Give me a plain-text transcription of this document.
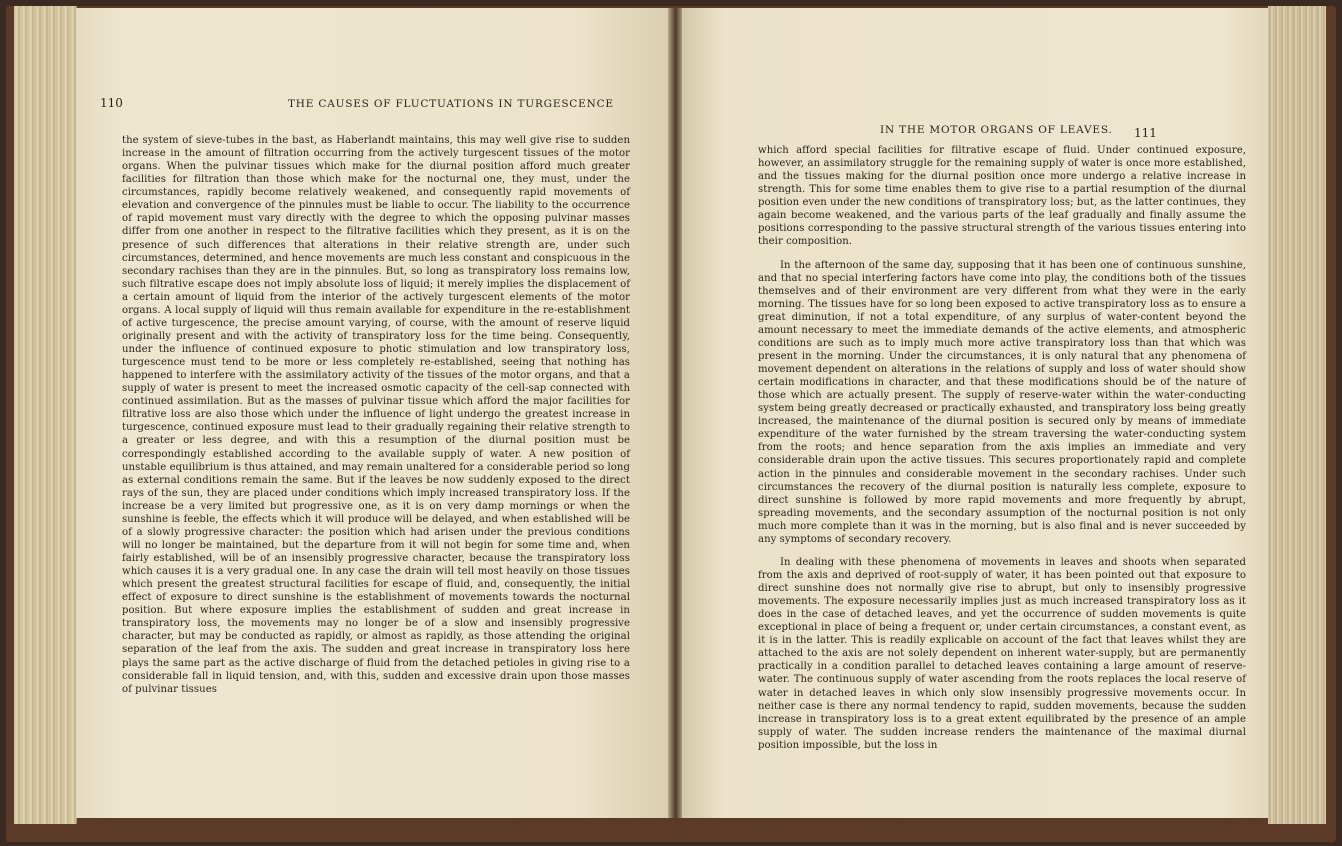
110	THE CAUSES OF FLUCTUATIONS IN TURGESCENCE

the system of sieve-tubes in the bast, as Haberlandt maintains, this may well give rise to sudden increase in the amount of filtration occurring from the actively turgescent tissues of the motor organs. When the pulvinar tissues which make for the diurnal position afford much greater facilities for filtration than those which make for the nocturnal one, they must, under the circumstances, rapidly become relatively weakened, and consequently rapid movements of elevation and convergence of the pinnules must be liable to occur. The liability to the occurrence of rapid movement must vary directly with the degree to which the opposing pulvinar masses differ from one another in respect to the filtrative facilities which they present, as it is on the presence of such differences that alterations in their relative strength are, under such circumstances, determined, and hence movements are much less constant and conspicuous in the secondary rachises than they are in the pinnules. But, so long as transpiratory loss remains low, such filtrative escape does not imply absolute loss of liquid; it merely implies the displacement of a certain amount of liquid from the interior of the actively turgescent elements of the motor organs. A local supply of liquid will thus remain available for expenditure in the re-establishment of active turgescence, the precise amount varying, of course, with the amount of reserve liquid originally present and with the activity of transpiratory loss for the time being. Consequently, under the influence of continued exposure to photic stimulation and low transpiratory loss, turgescence must tend to be more or less completely re-established, seeing that nothing has happened to interfere with the assimilatory activity of the tissues of the motor organs, and that a supply of water is present to meet the increased osmotic capacity of the cell-sap connected with continued assimilation. But as the masses of pulvinar tissue which afford the major facilities for filtrative loss are also those which under the influence of light undergo the greatest increase in turgescence, continued exposure must lead to their gradually regaining their relative strength to a greater or less degree, and with this a resumption of the diurnal position must be correspondingly established according to the available supply of water. A new position of unstable equilibrium is thus attained, and may remain unaltered for a considerable period so long as external conditions remain the same. But if the leaves be now suddenly exposed to the direct rays of the sun, they are placed under conditions which imply increased transpiratory loss. If the increase be a very limited but progressive one, as it is on very damp mornings or when the sunshine is feeble, the effects which it will produce will be delayed, and when established will be of a slowly progressive character: the position which had arisen under the previous conditions will no longer be maintained, but the departure from it will not begin for some time and, when fairly established, will be of an insensibly progressive character, because the transpiratory loss which causes it is a very gradual one. In any case the drain will tell most heavily on those tissues which present the greatest structural facilities for escape of fluid, and, consequently, the initial effect of exposure to direct sunshine is the establishment of movements towards the nocturnal position. But where exposure implies the establishment of sudden and great increase in transpiratory loss, the movements may no longer be of a slow and insensibly progressive character, but may be conducted as rapidly, or almost as rapidly, as those attending the original separation of the leaf from the axis. The sudden and great increase in transpiratory loss here plays the same part as the active discharge of fluid from the detached petioles in giving rise to a considerable fall in liquid tension, and, with this, sudden and excessive drain upon those masses of pulvinar tissues

IN THE MOTOR ORGANS OF LEAVES. 111

which afford special facilities for filtrative escape of fluid. Under continued exposure, however, an assimilatory struggle for the remaining supply of water is once more established, and the tissues making for the diurnal position once more undergo a relative increase in strength. This for some time enables them to give rise to a partial resumption of the diurnal position even under the new conditions of transpiratory loss; but, as the latter continues, they again become weakened, and the various parts of the leaf gradually and finally assume the positions corresponding to the passive structural strength of the various tissues entering into their composition.

In the afternoon of the same day, supposing that it has been one of continuous sunshine, and that no special interfering factors have come into play, the conditions both of the tissues themselves and of their environment are very different from what they were in the early morning. The tissues have for so long been exposed to active transpiratory loss as to ensure a great diminution, if not a total expenditure, of any surplus of water-content beyond the amount necessary to meet the immediate demands of the active elements, and atmospheric conditions are such as to imply much more active transpiratory loss than that which was present in the morning. Under the circumstances, it is only natural that any phenomena of movement dependent on alterations in the relations of supply and loss of water should show certain modifications in character, and that these modifications should be of the nature of those which are actually present. The supply of reserve-water within the water-conducting system being greatly decreased or practically exhausted, and transpiratory loss being greatly increased, the maintenance of the diurnal position is secured only by means of immediate expenditure of the water furnished by the stream traversing the water-conducting system from the roots; and hence separation from the axis implies an immediate and very considerable drain upon the active tissues. This secures proportionately rapid and complete action in the pinnules and considerable movement in the secondary rachises. Under such circumstances the recovery of the diurnal position is naturally less complete, exposure to direct sunshine is followed by more rapid movements and more frequently by abrupt, spreading movements, and the secondary assumption of the nocturnal position is not only much more complete than it was in the morning, but is also final and is never succeeded by any symptoms of secondary recovery.

In dealing with these phenomena of movements in leaves and shoots when separated from the axis and deprived of root-supply of water, it has been pointed out that exposure to direct sunshine does not normally give rise to abrupt, but only to insensibly progressive movements. The exposure necessarily implies just as much increased transpiratory loss as it does in the case of detached leaves, and yet the occurrence of sudden movements is quite exceptional in place of being a frequent or, under certain circumstances, a constant event, as it is in the latter. This is readily explicable on account of the fact that leaves whilst they are attached to the axis are not solely dependent on inherent water-supply, but are permanently practically in a condition parallel to detached leaves containing a large amount of reserve-water. The continuous supply of water ascending from the roots replaces the local reserve of water in detached leaves in which only slow insensibly progressive movements occur. In neither case is there any normal tendency to rapid, sudden movements, because the sudden increase in transpiratory loss is to a great extent equilibrated by the presence of an ample supply of water. The sudden increase renders the maintenance of the maximal diurnal position impossible, but the loss in
